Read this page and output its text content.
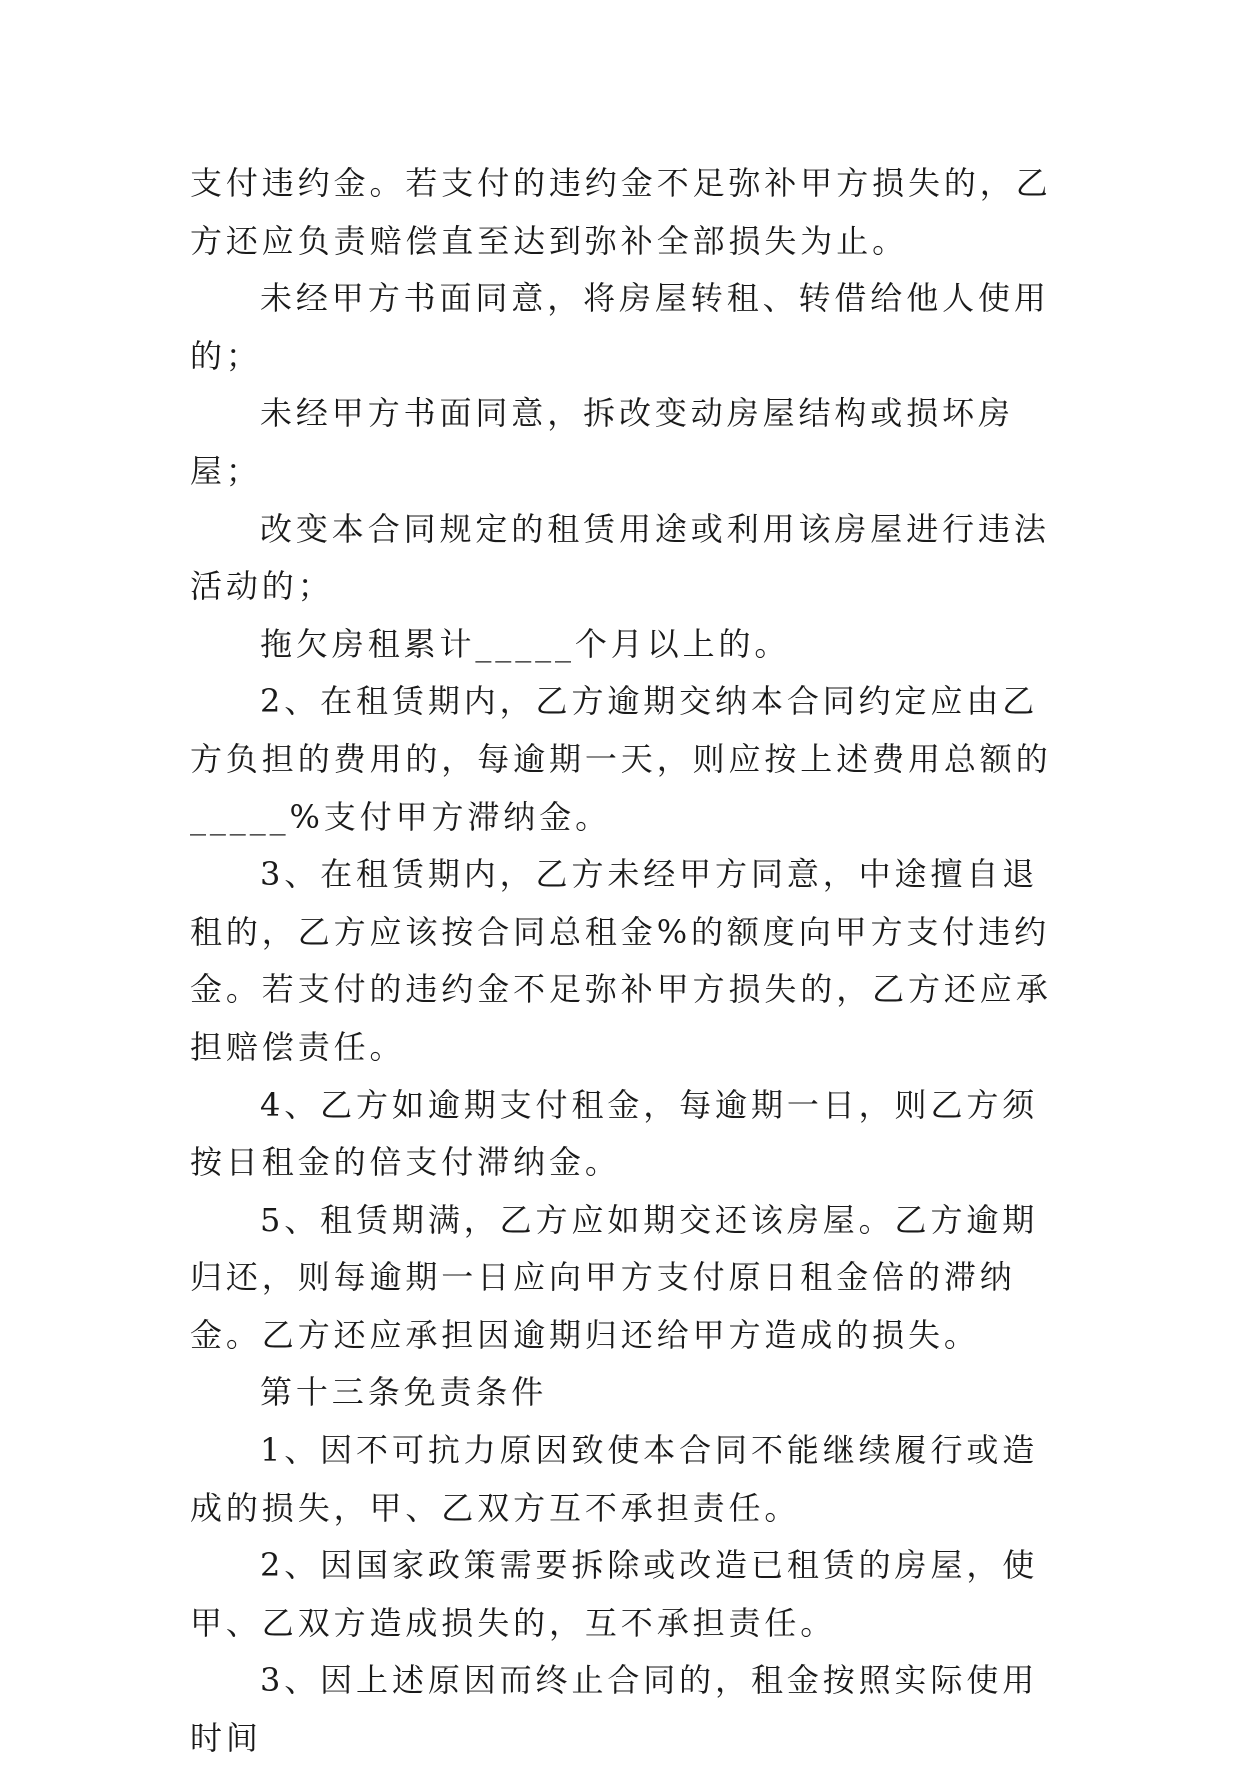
支付违约金。若支付的违约金不足弥补甲方损失的，乙方还应负责赔偿直至达到弥补全部损失为止。

未经甲方书面同意，将房屋转租、转借给他人使用的；

未经甲方书面同意，拆改变动房屋结构或损坏房屋；

改变本合同规定的租赁用途或利用该房屋进行违法活动的；

拖欠房租累计_____个月以上的。

2、在租赁期内，乙方逾期交纳本合同约定应由乙方负担的费用的，每逾期一天，则应按上述费用总额的_____%支付甲方滞纳金。

3、在租赁期内，乙方未经甲方同意，中途擅自退租的，乙方应该按合同总租金%的额度向甲方支付违约金。若支付的违约金不足弥补甲方损失的，乙方还应承担赔偿责任。

4、乙方如逾期支付租金，每逾期一日，则乙方须按日租金的倍支付滞纳金。

5、租赁期满，乙方应如期交还该房屋。乙方逾期归还，则每逾期一日应向甲方支付原日租金倍的滞纳金。乙方还应承担因逾期归还给甲方造成的损失。

第十三条免责条件

1、因不可抗力原因致使本合同不能继续履行或造成的损失，甲、乙双方互不承担责任。

2、因国家政策需要拆除或改造已租赁的房屋，使甲、乙双方造成损失的，互不承担责任。

3、因上述原因而终止合同的，租金按照实际使用时间
